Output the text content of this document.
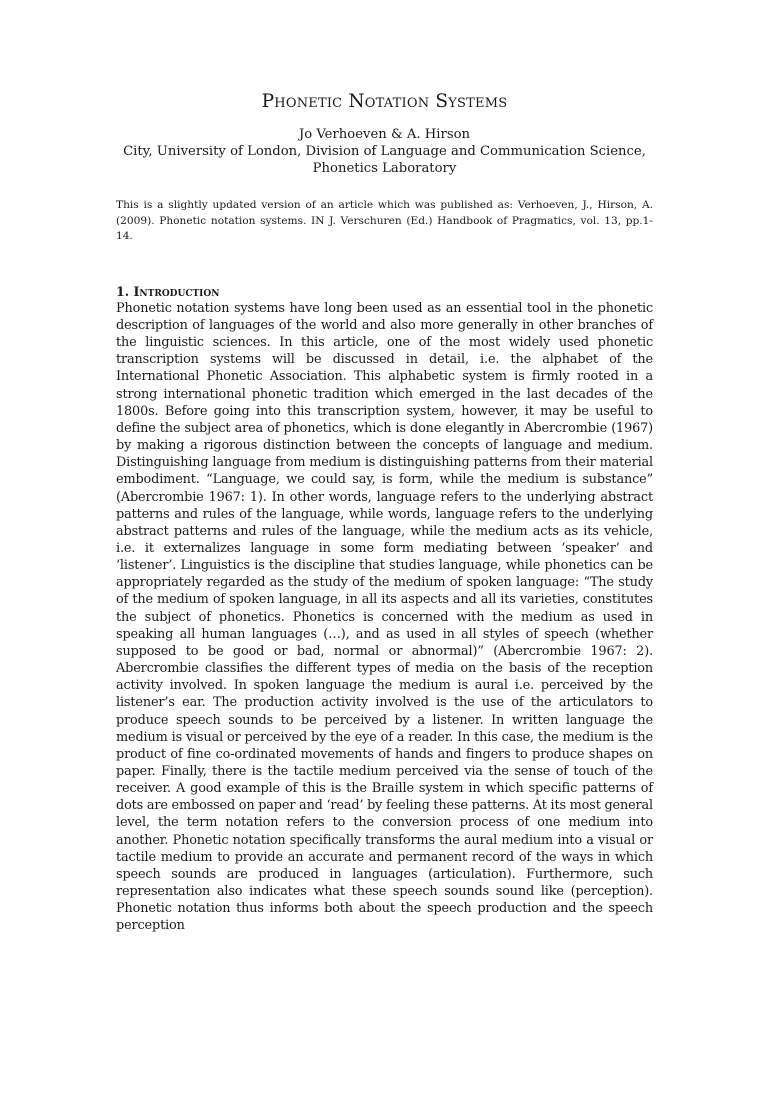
Phonetic Notation Systems
Jo Verhoeven & A. Hirson
City, University of London, Division of Language and Communication Science,
Phonetics Laboratory

This is a slightly updated version of an article which was published as: Verhoeven, J., Hirson, A. (2009). Phonetic notation systems. IN J. Verschuren (Ed.) Handbook of Pragmatics, vol. 13, pp.1-14.

1. Introduction
Phonetic notation systems have long been used as an essential tool in the phonetic description of languages of the world and also more generally in other branches of the linguistic sciences. In this article, one of the most widely used phonetic transcription systems will be discussed in detail, i.e. the alphabet of the International Phonetic Association. This alphabetic system is firmly rooted in a strong international phonetic tradition which emerged in the last decades of the 1800s. Before going into this transcription system, however, it may be useful to define the subject area of phonetics, which is done elegantly in Abercrombie (1967) by making a rigorous distinction between the concepts of language and medium. Distinguishing language from medium is distinguishing patterns from their material embodiment. “Language, we could say, is form, while the medium is substance” (Abercrombie 1967: 1). In other words, language refers to the underlying abstract patterns and rules of the language, while words, language refers to the underlying abstract patterns and rules of the language, while the medium acts as its vehicle, i.e. it externalizes language in some form mediating between ‘speaker’ and ‘listener’. Linguistics is the discipline that studies language, while phonetics can be appropriately regarded as the study of the medium of spoken language: “The study of the medium of spoken language, in all its aspects and all its varieties, constitutes the subject of phonetics. Phonetics is concerned with the medium as used in speaking all human languages (…), and as used in all styles of speech (whether supposed to be good or bad, normal or abnormal)” (Abercrombie 1967: 2). Abercrombie classifies the different types of media on the basis of the reception activity involved. In spoken language the medium is aural i.e. perceived by the listener’s ear. The production activity involved is the use of the articulators to produce speech sounds to be perceived by a listener. In written language the medium is visual or perceived by the eye of a reader. In this case, the medium is the product of fine co-ordinated movements of hands and fingers to produce shapes on paper. Finally, there is the tactile medium perceived via the sense of touch of the receiver. A good example of this is the Braille system in which specific patterns of dots are embossed on paper and ‘read’ by feeling these patterns. At its most general level, the term notation refers to the conversion process of one medium into another. Phonetic notation specifically transforms the aural medium into a visual or tactile medium to provide an accurate and permanent record of the ways in which speech sounds are produced in languages (articulation). Furthermore, such representation also indicates what these speech sounds sound like (perception). Phonetic notation thus informs both about the speech production and the speech perception
